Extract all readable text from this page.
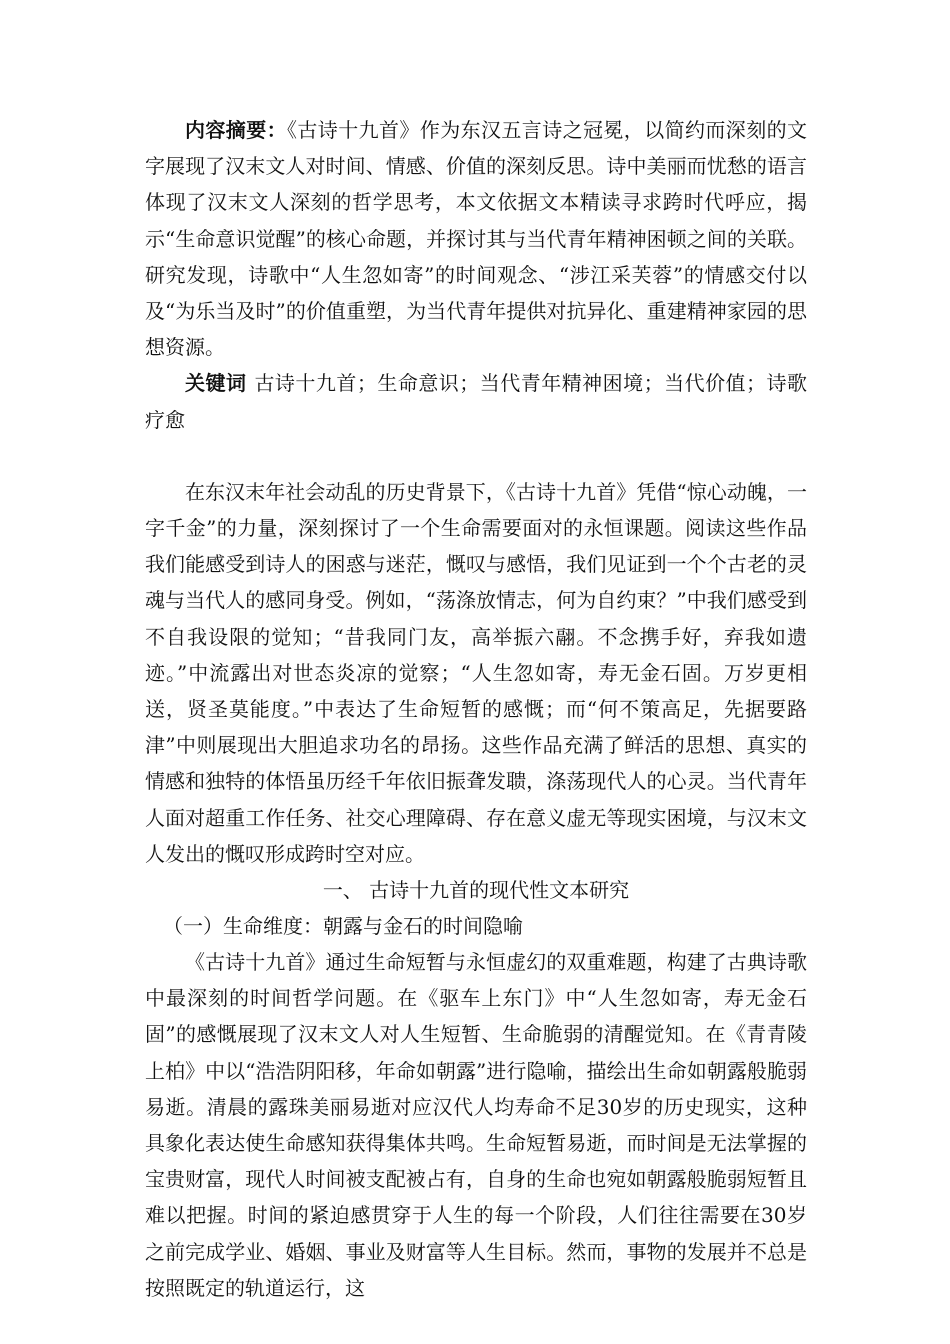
内容摘要：《古诗十九首》作为东汉五言诗之冠冕，以简约而深刻的文字展现了汉末文人对时间、情感、价值的深刻反思。诗中美丽而忧愁的语言体现了汉末文人深刻的哲学思考，本文依据文本精读寻求跨时代呼应，揭示“生命意识觉醒”的核心命题，并探讨其与当代青年精神困顿之间的关联。研究发现，诗歌中“人生忽如寄”的时间观念、“涉江采芙蓉”的情感交付以及“为乐当及时”的价值重塑，为当代青年提供对抗异化、重建精神家园的思想资源。

关键词 古诗十九首；生命意识；当代青年精神困境；当代价值；诗歌疗愈

在东汉末年社会动乱的历史背景下，《古诗十九首》凭借“惊心动魄，一字千金”的力量，深刻探讨了一个生命需要面对的永恒课题。阅读这些作品我们能感受到诗人的困惑与迷茫，慨叹与感悟，我们见证到一个个古老的灵魂与当代人的感同身受。例如，“荡涤放情志，何为自约束？”中我们感受到不自我设限的觉知；“昔我同门友，高举振六翮。不念携手好，弃我如遗迹。”中流露出对世态炎凉的觉察；“人生忽如寄，寿无金石固。万岁更相送，贤圣莫能度。”中表达了生命短暂的感慨；而“何不策高足，先据要路津”中则展现出大胆追求功名的昂扬。这些作品充满了鲜活的思想、真实的情感和独特的体悟虽历经千年依旧振聋发聩，涤荡现代人的心灵。当代青年人面对超重工作任务、社交心理障碍、存在意义虚无等现实困境，与汉末文人发出的慨叹形成跨时空对应。

一、 古诗十九首的现代性文本研究

（一）生命维度：朝露与金石的时间隐喻

《古诗十九首》通过生命短暂与永恒虚幻的双重难题，构建了古典诗歌中最深刻的时间哲学问题。在《驱车上东门》中“人生忽如寄，寿无金石固”的感慨展现了汉末文人对人生短暂、生命脆弱的清醒觉知。在《青青陵上柏》中以“浩浩阴阳移，年命如朝露”进行隐喻，描绘出生命如朝露般脆弱易逝。清晨的露珠美丽易逝对应汉代人均寿命不足30岁的历史现实，这种具象化表达使生命感知获得集体共鸣。生命短暂易逝，而时间是无法掌握的宝贵财富，现代人时间被支配被占有，自身的生命也宛如朝露般脆弱短暂且难以把握。时间的紧迫感贯穿于人生的每一个阶段，人们往往需要在30岁之前完成学业、婚姻、事业及财富等人生目标。然而，事物的发展并不总是按照既定的轨道运行，这
